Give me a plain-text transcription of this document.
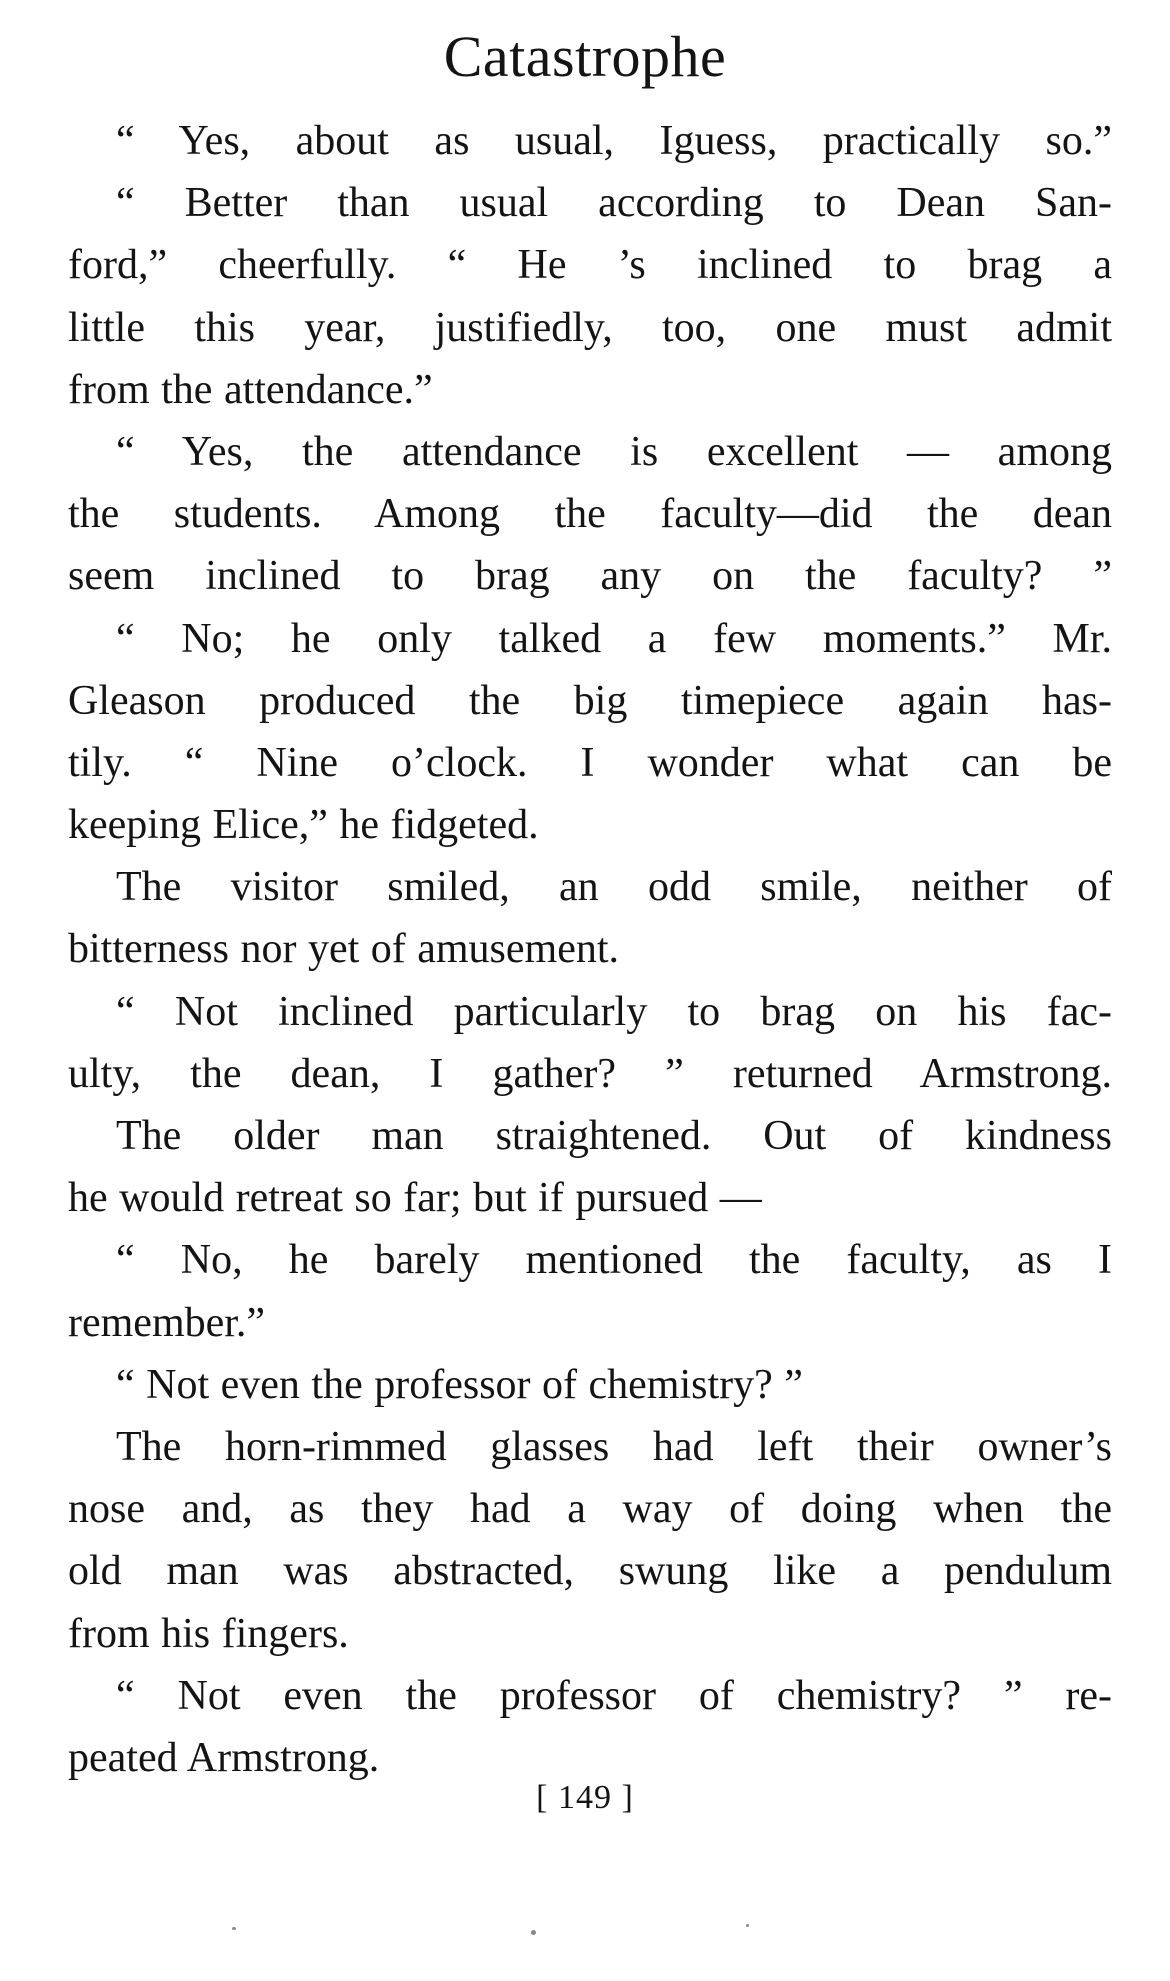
Catastrophe
“ Yes, about as usual, Iguess, practically so.”
“ Better than usual according to Dean San-
ford,” cheerfully. “ He ’s inclined to brag a
little this year, justifiedly, too, one must admit
from the attendance.”
“ Yes, the attendance is excellent — among
the students. Among the faculty—did the dean
seem inclined to brag any on the faculty? ”
“ No; he only talked a few moments.” Mr.
Gleason produced the big timepiece again has-
tily. “ Nine o’clock. I wonder what can be
keeping Elice,” he fidgeted.
The visitor smiled, an odd smile, neither of
bitterness nor yet of amusement.
“ Not inclined particularly to brag on his fac-
ulty, the dean, I gather? ” returned Armstrong.
The older man straightened. Out of kindness
he would retreat so far; but if pursued —
“ No, he barely mentioned the faculty, as I
remember.”
“ Not even the professor of chemistry? ”
The horn-rimmed glasses had left their owner’s
nose and, as they had a way of doing when the
old man was abstracted, swung like a pendulum
from his fingers.
“ Not even the professor of chemistry? ” re-
peated Armstrong.
[ 149 ]
